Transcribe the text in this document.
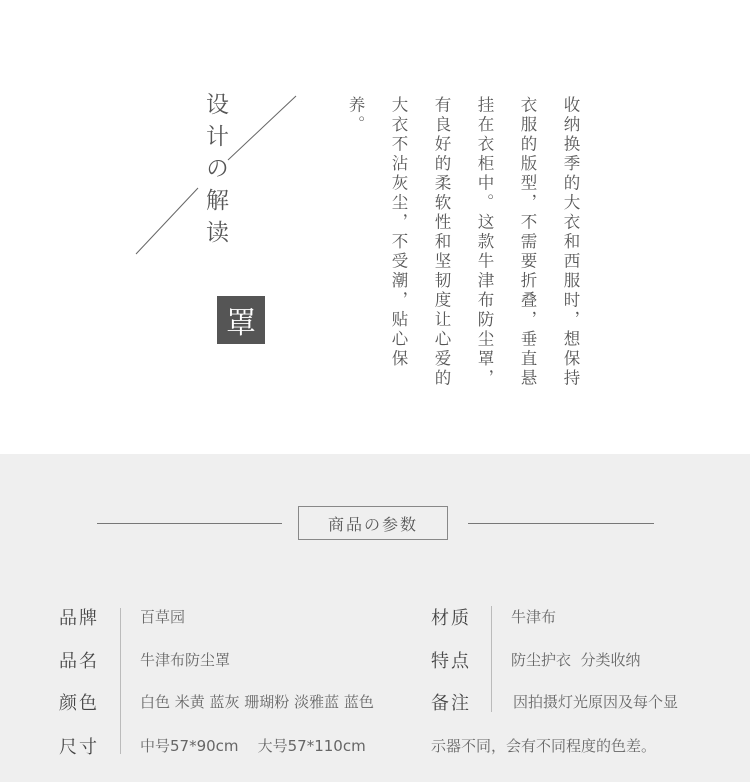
设计の解读
罩	收纳换季的大衣和西服时，想保持衣服的版型，不需要折叠，垂直悬挂在衣柜中。这款牛津布防尘罩，有良好的柔软性和坚韧度让心爱的大衣不沾灰尘，不受潮，贴心保养。
商品の参数
品牌	百草园	材质	牛津布
品名	牛津布防尘罩	特点	防尘护衣  分类收纳
颜色	白色 米黄 蓝灰 珊瑚粉 淡雅蓝 蓝色	备注	因拍摄灯光原因及每个显
尺寸	中号57*90cm    大号57*110cm	示器不同，会有不同程度的色差。
